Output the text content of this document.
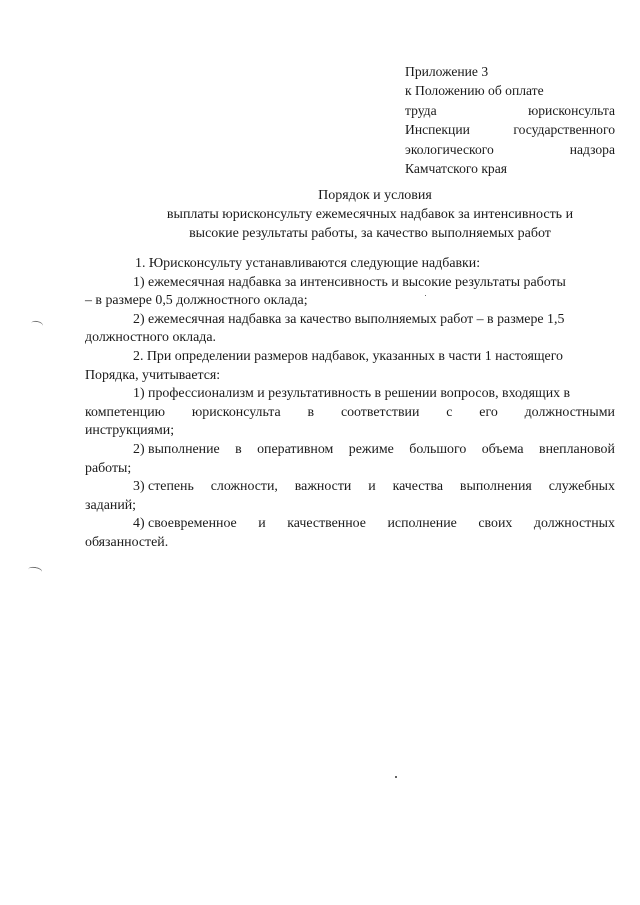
Приложение 3
к Положению об оплате
труда	юрисконсульта
Инспекции	государственного
экологического	надзора
Камчатского края
Порядок и условия
выплаты юрисконсульту ежемесячных надбавок за интенсивность и
высокие результаты работы, за качество выполняемых работ

1. Юрисконсульту устанавливаются следующие надбавки:

1) ежемесячная надбавка за интенсивность и высокие результаты работы

– в размере 0,5 должностного оклада;

2) ежемесячная надбавка за качество выполняемых работ – в размере 1,5

должностного оклада.

2. При определении размеров надбавок, указанных в части 1 настоящего

Порядка, учитывается:

1) профессионализм и результативность в решении вопросов, входящих в

компетенцию юрисконсульта в соответствии с его должностными

инструкциями;

2) выполнение в оперативном режиме большого объема внеплановой

работы;

3) степень сложности, важности и качества выполнения служебных

заданий;

4) своевременное и качественное исполнение своих должностных

обязанностей.
